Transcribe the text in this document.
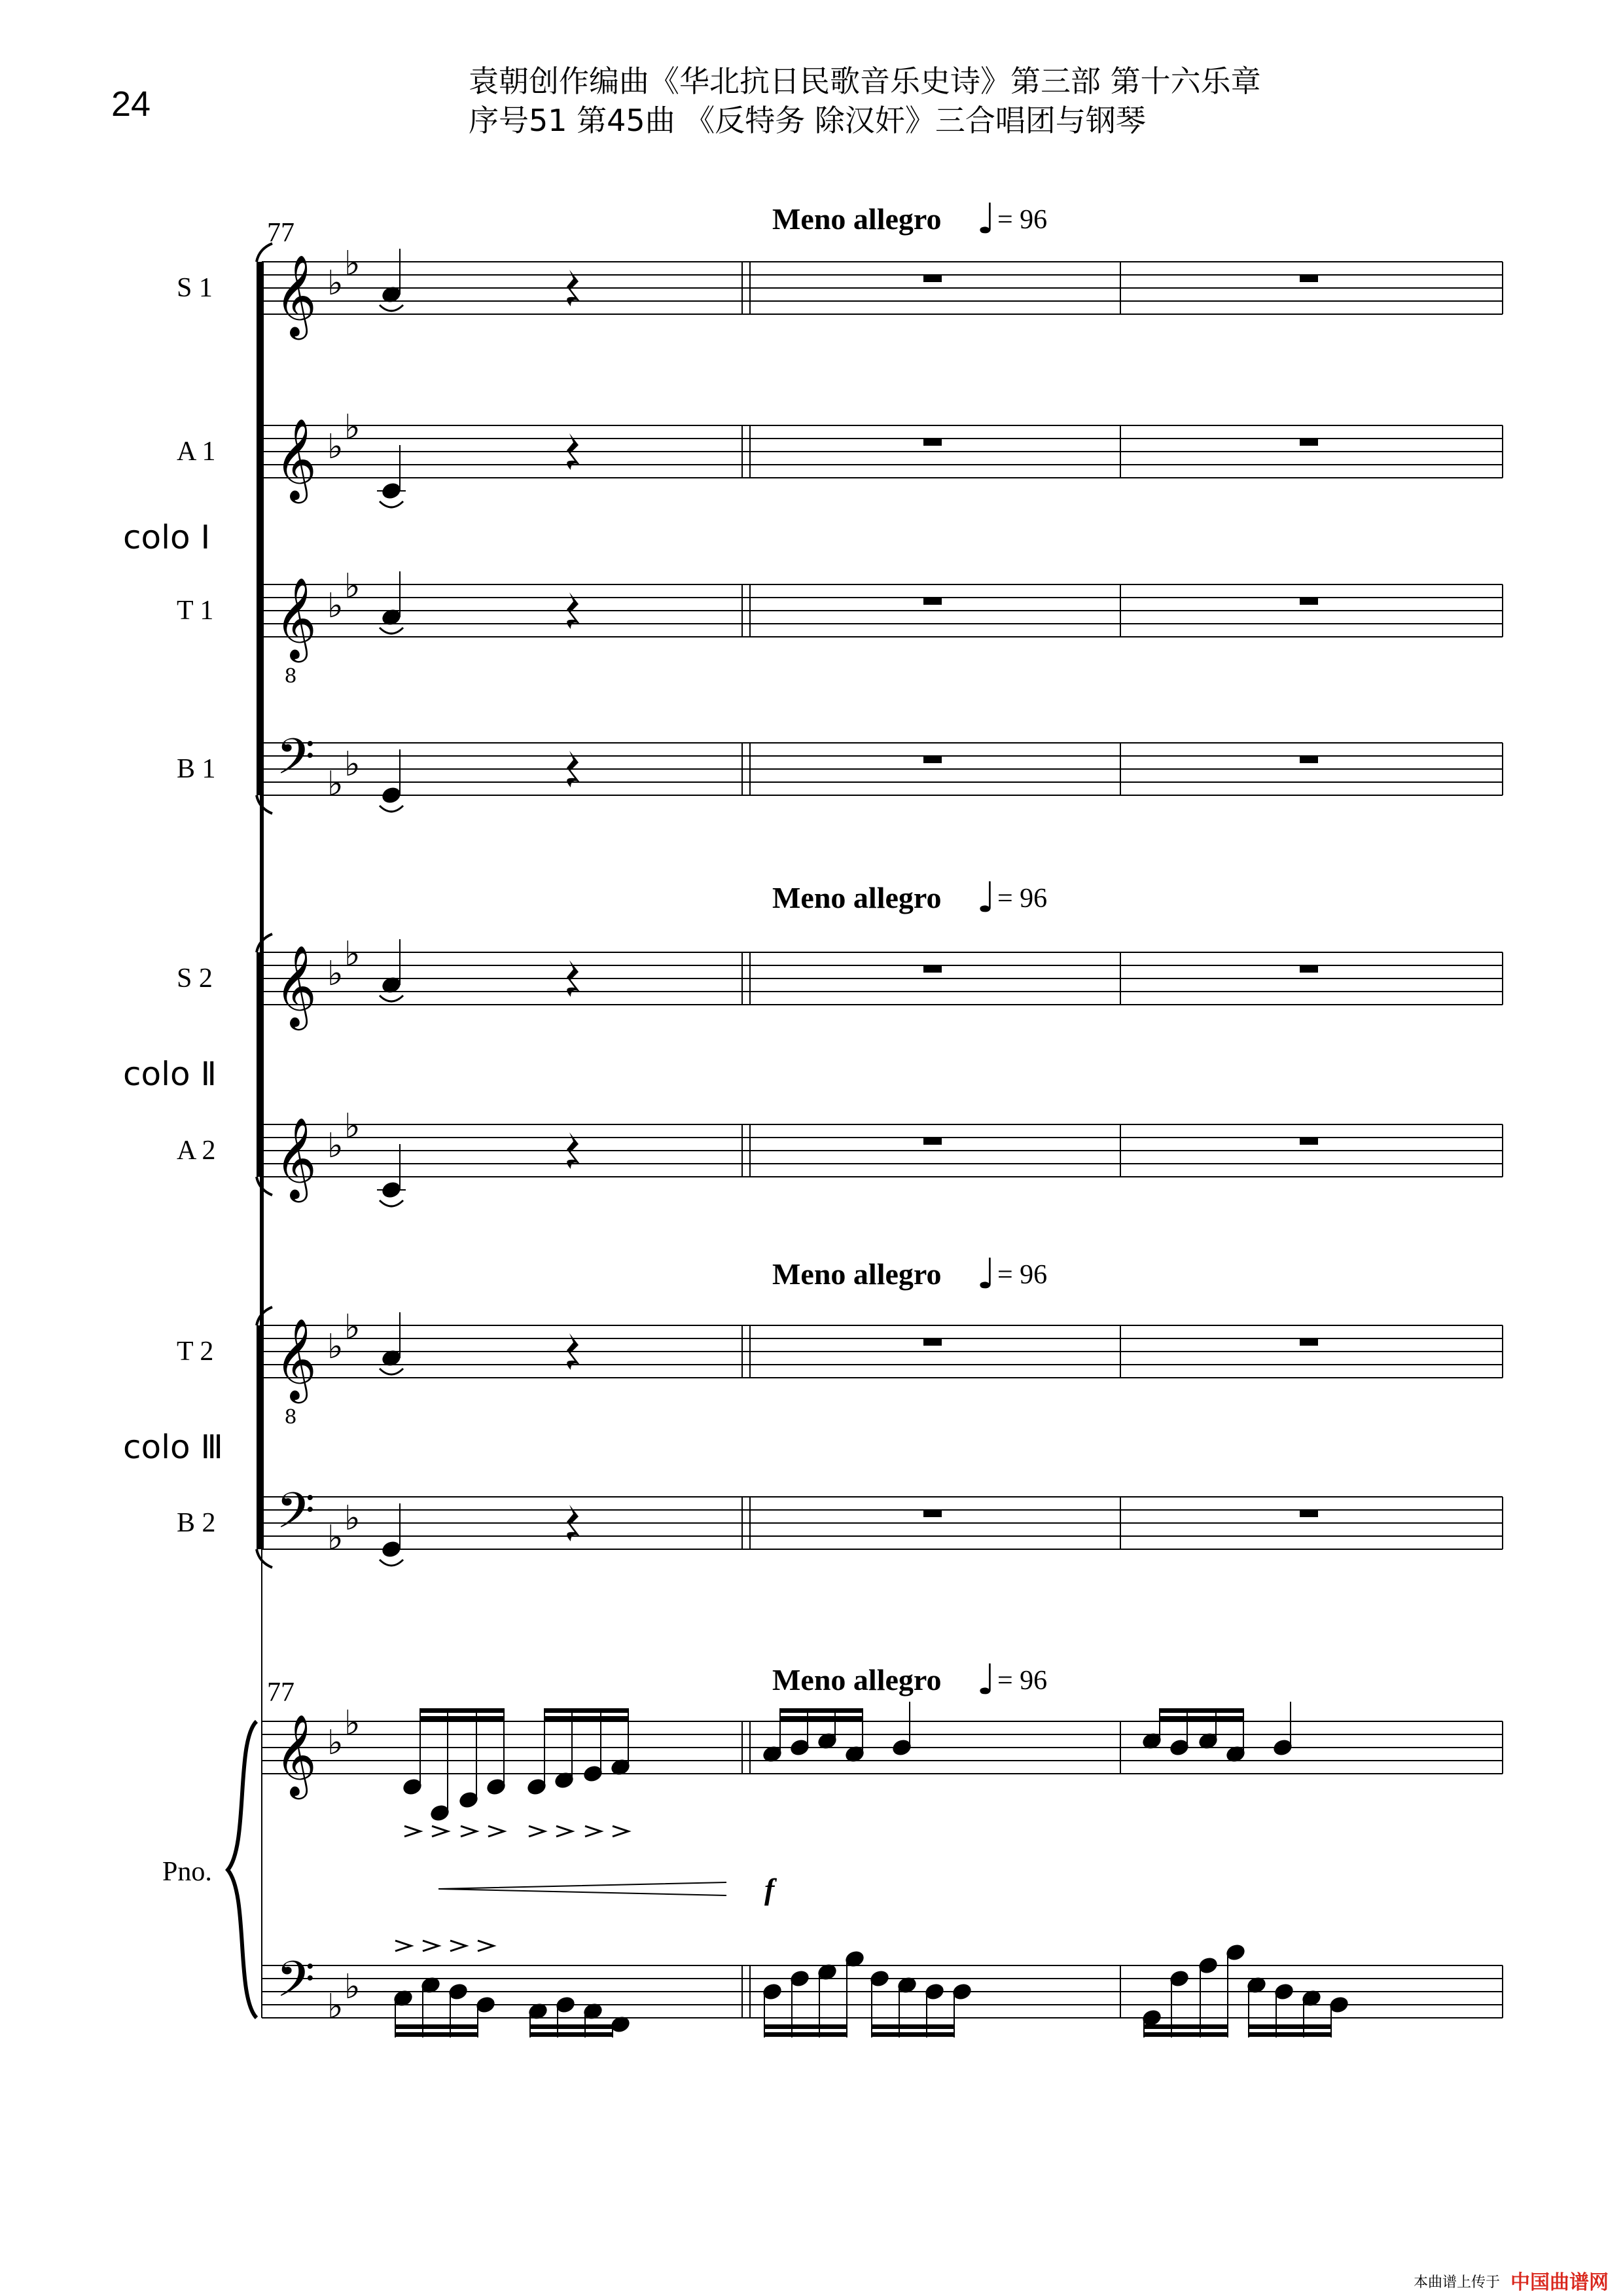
24
袁朝创作编曲《华北抗日民歌音乐史诗》第三部 第十六乐章
序号51 第45曲 《反特务 除汉奸》三合唱团与钢琴
𝄞 ♭ ♭
𝄞 ♭ ♭
𝄞
8
♭ ♭
𝄢 ♭ ♭
𝄞 ♭ ♭
𝄞 ♭ ♭
𝄞
8
♭ ♭
𝄢 ♭ ♭
𝄞 ♭ ♭
𝄢 ♭ ♭
♩
♩
♩
♩
77
77
Meno allegro = 96
Meno allegro = 96
Meno allegro = 96
Meno allegro = 96
f
S 1
A 1
T 1
B 1
S 2
A 2
T 2
B 2
colo Ⅰ
colo Ⅱ
colo Ⅲ
Pno.
本曲谱上传于 中国曲谱网
